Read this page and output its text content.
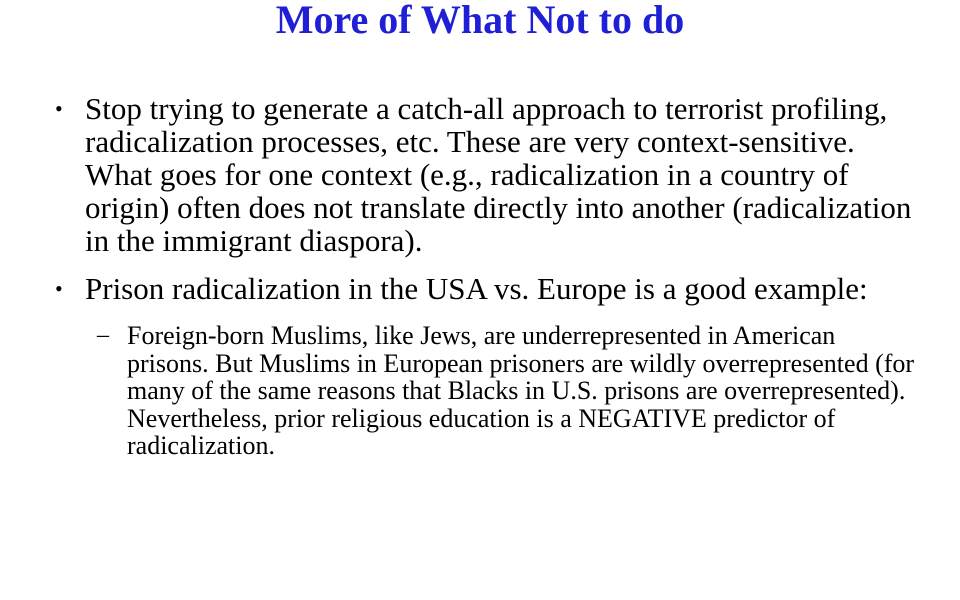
More of What Not to do
• Stop trying to generate a catch-all approach to terrorist profiling, radicalization processes, etc. These are very context-sensitive. What goes for one context (e.g., radicalization in a country of origin) often does not translate directly into another (radicalization in the immigrant diaspora).
• Prison radicalization in the USA vs. Europe is a good example:
– Foreign-born Muslims, like Jews, are underrepresented in American prisons. But Muslims in European prisoners are wildly overrepresented (for many of the same reasons that Blacks in U.S. prisons are overrepresented). Nevertheless, prior religious education is a NEGATIVE predictor of radicalization.
